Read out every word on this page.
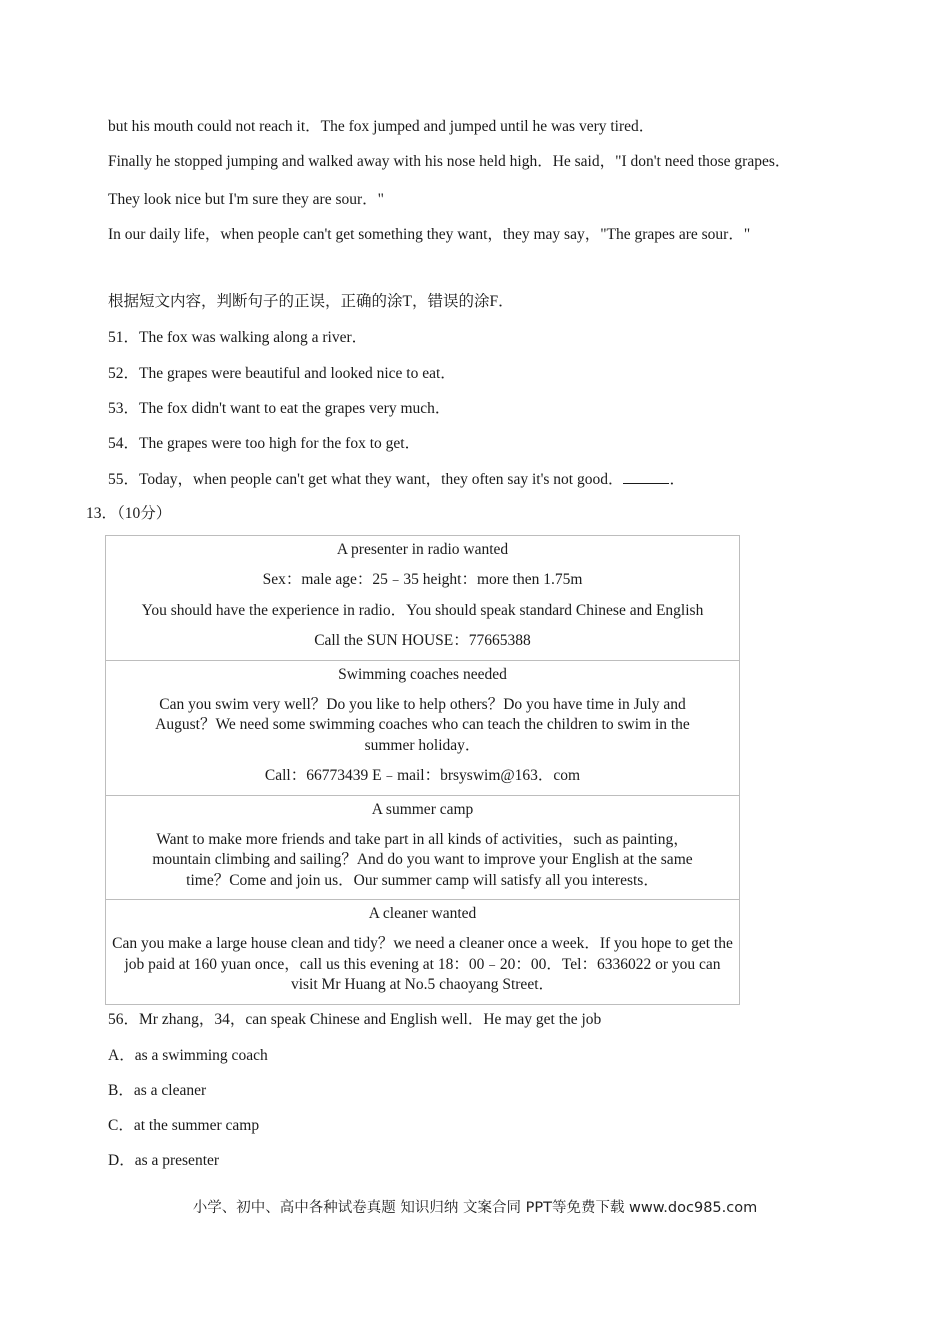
but his mouth could not reach it．The fox jumped and jumped until he was very tired．
Finally he stopped jumping and walked away with his nose held high．He said，"I don't need those grapes．
They look nice but I'm sure they are sour．"
In our daily life，when people can't get something they want，they may say，"The grapes are sour．"
根据短文内容，判断句子的正误，正确的涂T，错误的涂F．
51．The fox was walking along a river．
52．The grapes were beautiful and looked nice to eat．
53．The fox didn't want to eat the grapes very much．
54．The grapes were too high for the fox to get．
55．Today，when people can't get what they want，they often say it's not good．	．
13．（10分）
A presenter in radio wanted
Sex：male age：25﹣35 height：more then 1.75m
You should have the experience in radio．You should speak standard Chinese and English
Call the SUN HOUSE：77665388

Swimming coaches needed
Can you swim very well？Do you like to help others？Do you have time in July and August？We need some swimming coaches who can teach the children to swim in the summer holiday．
Call：66773439 E﹣mail：brsyswim@163．com

A summer camp
Want to make more friends and take part in all kinds of activities，such as painting，mountain climbing and sailing？And do you want to improve your English at the same time？Come and join us．Our summer camp will satisfy all you interests．

A cleaner wanted
Can you make a large house clean and tidy？we need a cleaner once a week．If you hope to get the job paid at 160 yuan once，call us this evening at 18：00﹣20：00．Tel：6336022 or you can visit Mr Huang at No.5 chaoyang Street．
56．Mr zhang，34，can speak Chinese and English well．He may get the job
A．as a swimming coach
B．as a cleaner
C．at the summer camp
D．as a presenter
小学、初中、高中各种试卷真题 知识归纳 文案合同 PPT等免费下载 www.doc985.com
